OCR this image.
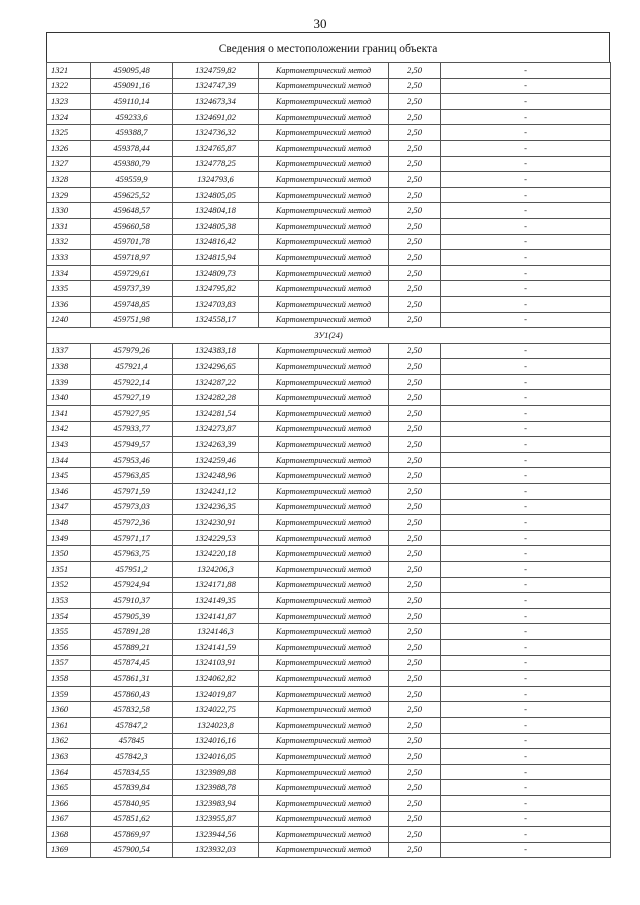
30
Сведения о местоположении границ объекта
1321	459095,48	1324759,82	Картометрический метод	2,50	-
1322	459091,16	1324747,39	Картометрический метод	2,50	-
1323	459110,14	1324673,34	Картометрический метод	2,50	-
1324	459233,6	1324691,02	Картометрический метод	2,50	-
1325	459388,7	1324736,32	Картометрический метод	2,50	-
1326	459378,44	1324765,87	Картометрический метод	2,50	-
1327	459380,79	1324778,25	Картометрический метод	2,50	-
1328	459559,9	1324793,6	Картометрический метод	2,50	-
1329	459625,52	1324805,05	Картометрический метод	2,50	-
1330	459648,57	1324804,18	Картометрический метод	2,50	-
1331	459660,58	1324805,38	Картометрический метод	2,50	-
1332	459701,78	1324816,42	Картометрический метод	2,50	-
1333	459718,97	1324815,94	Картометрический метод	2,50	-
1334	459729,61	1324809,73	Картометрический метод	2,50	-
1335	459737,39	1324795,82	Картометрический метод	2,50	-
1336	459748,85	1324703,83	Картометрический метод	2,50	-
1240	459751,98	1324558,17	Картометрический метод	2,50	-
ЗУ1(24)					
1337	457979,26	1324383,18	Картометрический метод	2,50	-
1338	457921,4	1324296,65	Картометрический метод	2,50	-
1339	457922,14	1324287,22	Картометрический метод	2,50	-
1340	457927,19	1324282,28	Картометрический метод	2,50	-
1341	457927,95	1324281,54	Картометрический метод	2,50	-
1342	457933,77	1324273,87	Картометрический метод	2,50	-
1343	457949,57	1324263,39	Картометрический метод	2,50	-
1344	457953,46	1324259,46	Картометрический метод	2,50	-
1345	457963,85	1324248,96	Картометрический метод	2,50	-
1346	457971,59	1324241,12	Картометрический метод	2,50	-
1347	457973,03	1324236,35	Картометрический метод	2,50	-
1348	457972,36	1324230,91	Картометрический метод	2,50	-
1349	457971,17	1324229,53	Картометрический метод	2,50	-
1350	457963,75	1324220,18	Картометрический метод	2,50	-
1351	457951,2	1324206,3	Картометрический метод	2,50	-
1352	457924,94	1324171,88	Картометрический метод	2,50	-
1353	457910,37	1324149,35	Картометрический метод	2,50	-
1354	457905,39	1324141,87	Картометрический метод	2,50	-
1355	457891,28	1324146,3	Картометрический метод	2,50	-
1356	457889,21	1324141,59	Картометрический метод	2,50	-
1357	457874,45	1324103,91	Картометрический метод	2,50	-
1358	457861,31	1324062,82	Картометрический метод	2,50	-
1359	457860,43	1324019,87	Картометрический метод	2,50	-
1360	457832,58	1324022,75	Картометрический метод	2,50	-
1361	457847,2	1324023,8	Картометрический метод	2,50	-
1362	457845	1324016,16	Картометрический метод	2,50	-
1363	457842,3	1324016,05	Картометрический метод	2,50	-
1364	457834,55	1323989,88	Картометрический метод	2,50	-
1365	457839,84	1323988,78	Картометрический метод	2,50	-
1366	457840,95	1323983,94	Картометрический метод	2,50	-
1367	457851,62	1323955,87	Картометрический метод	2,50	-
1368	457869,97	1323944,56	Картометрический метод	2,50	-
1369	457900,54	1323932,03	Картометрический метод	2,50	-
